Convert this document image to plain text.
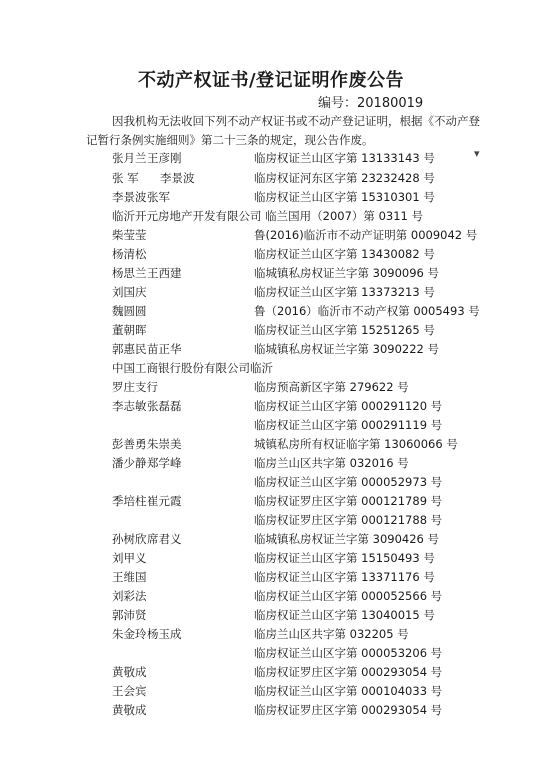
不动产权证书/登记证明作废公告
编号：20180019
因我机构无法收回下列不动产权证书或不动产登记证明，根据《不动产登
记暂行条例实施细则》第二十三条的规定，现公告作废。
张月兰 王彦刚	临房权证兰山区字第 13133143 号
张 军 李景波	临房权证河东区字第 23232428 号
李景波 张军	临房权证兰山区字第 15310301 号
临沂开元房地产开发有限公司 临兰国用（2007）第 0311 号
柴莹莹	鲁(2016)临沂市不动产证明第 0009042 号
杨清松	临房权证兰山区字第 13430082 号
杨思兰 王西建	临城镇私房权证兰字第 3090096 号
刘国庆	临房权证兰山区字第 13373213 号
魏圆圆	鲁（2016）临沂市不动产权第 0005493 号
董朝晖	临房权证兰山区字第 15251265 号
郭惠民 苗正华	临城镇私房权证兰字第 3090222 号
中国工商银行股份有限公司临沂
罗庄支行	临房预高新区字第 279622 号
李志敏 张磊磊	临房权证兰山区字第 000291120 号
临房权证兰山区字第 000291119 号
彭善勇 朱崇美	城镇私房所有权证临字第 13060066 号
潘少静 郑学峰	临房兰山区共字第 032016 号
临房权证兰山区字第 000052973 号
季培柱 崔元霞	临房权证罗庄区字第 000121789 号
临房权证罗庄区字第 000121788 号
孙树欣 席君义	临城镇私房权证兰字第 3090426 号
刘甲义	临房权证兰山区字第 15150493 号
王维国	临房权证兰山区字第 13371176 号
刘彩法	临房权证兰山区字第 000052566 号
郭沛贤	临房权证兰山区字第 13040015 号
朱金玲 杨玉成	临房兰山区共字第 032205 号
临房权证兰山区字第 000053206 号
黄敬成	临房权证罗庄区字第 000293054 号
王会宾	临房权证兰山区字第 000104033 号
黄敬成	临房权证罗庄区字第 000293054 号
▾
